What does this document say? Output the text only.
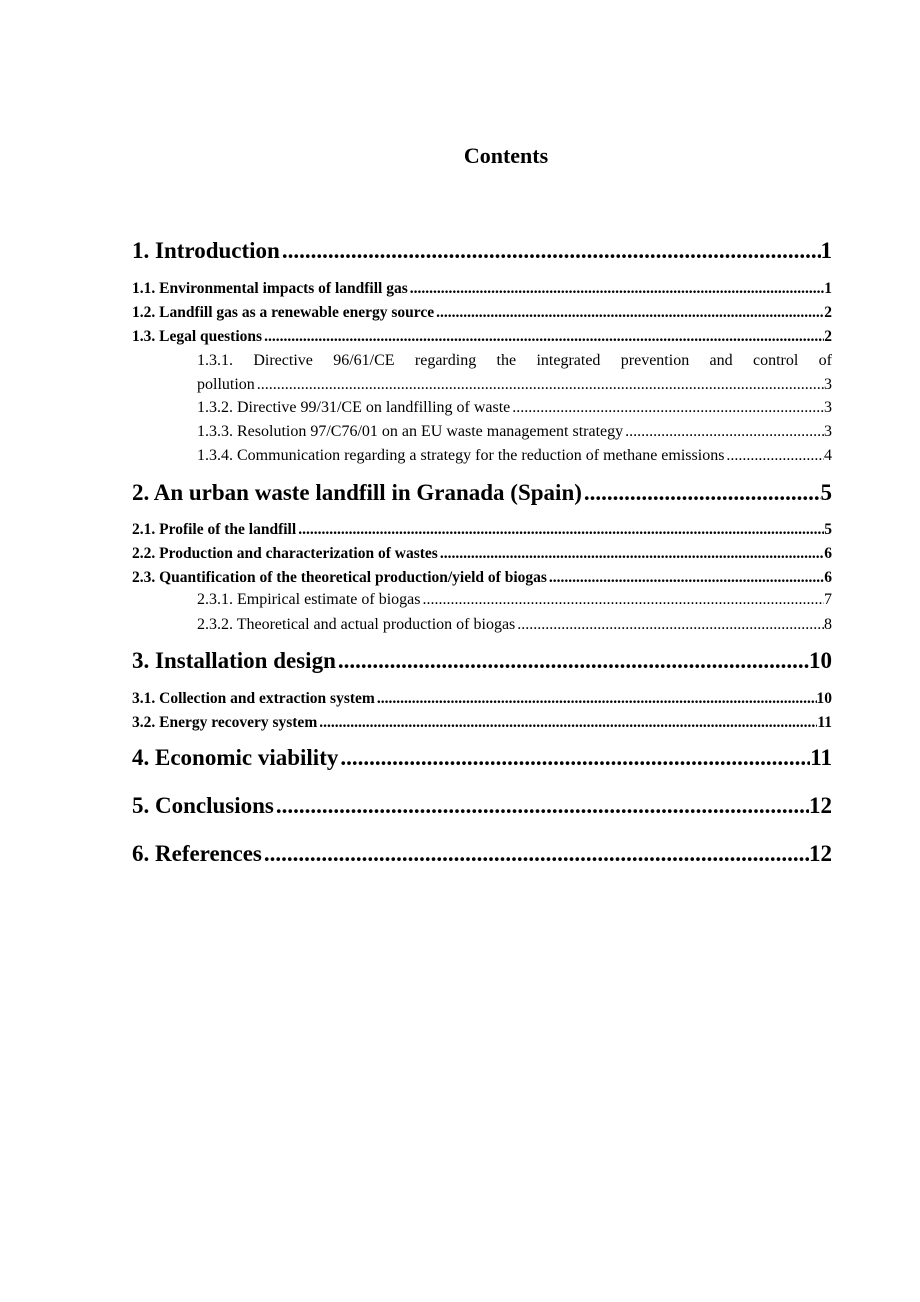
Contents
1. Introduction .....	1
1.1. Environmental impacts of landfill gas .....	1
1.2. Landfill gas as a renewable energy source .....	2
1.3. Legal questions .....	2
1.3.1. Directive 96/61/CE regarding the integrated prevention and control of
pollution .....	3
1.3.2. Directive 99/31/CE on landfilling of waste .....	3
1.3.3. Resolution 97/C76/01 on an EU waste management strategy .....	3
1.3.4. Communication regarding a strategy for the reduction of methane emissions .....	4
2. An urban waste landfill in Granada (Spain) .....	5
2.1. Profile of the landfill .....	5
2.2. Production and characterization of wastes .....	6
2.3. Quantification of the theoretical production/yield of biogas .....	6
2.3.1. Empirical estimate of biogas .....	7
2.3.2. Theoretical and actual production of biogas .....	8
3. Installation design .....	10
3.1. Collection and extraction system .....	10
3.2. Energy recovery system .....	11
4. Economic viability .....	11
5. Conclusions .....	12
6. References .....	12
